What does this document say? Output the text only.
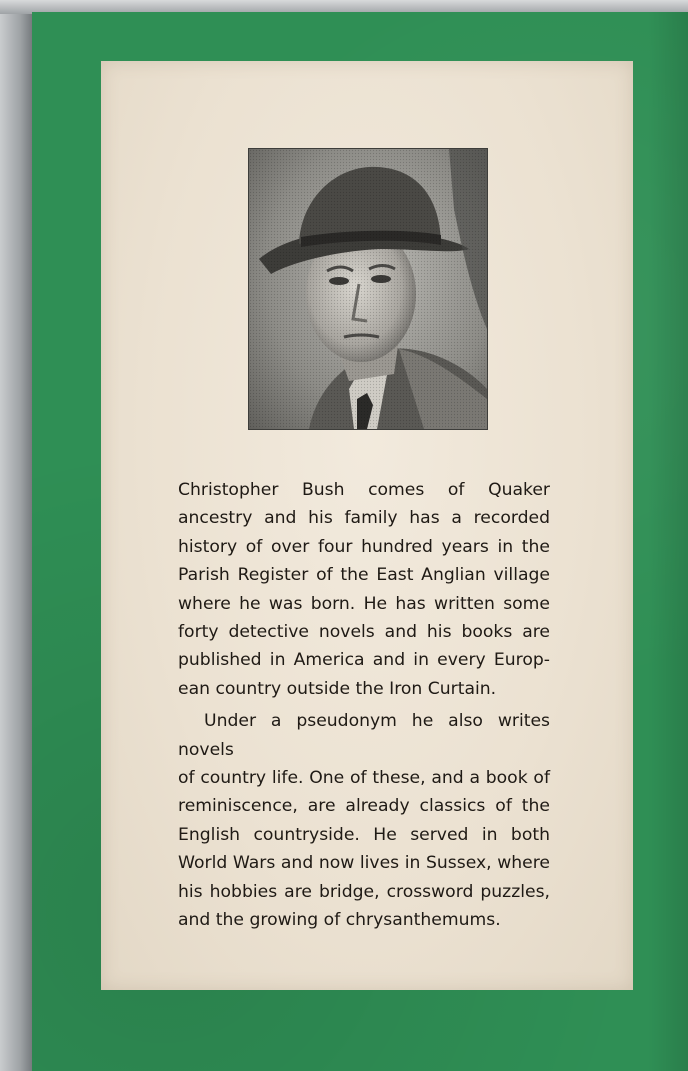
Christopher Bush comes of Quaker
ancestry and his family has a recorded
history of over four hundred years in the
Parish Register of the East Anglian village
where he was born. He has written some
forty detective novels and his books are
published in America and in every Europ-
ean country outside the Iron Curtain.

Under a pseudonym he also writes novels
of country life. One of these, and a book of
reminiscence, are already classics of the
English countryside. He served in both
World Wars and now lives in Sussex, where
his hobbies are bridge, crossword puzzles,
and the growing of chrysanthemums.
